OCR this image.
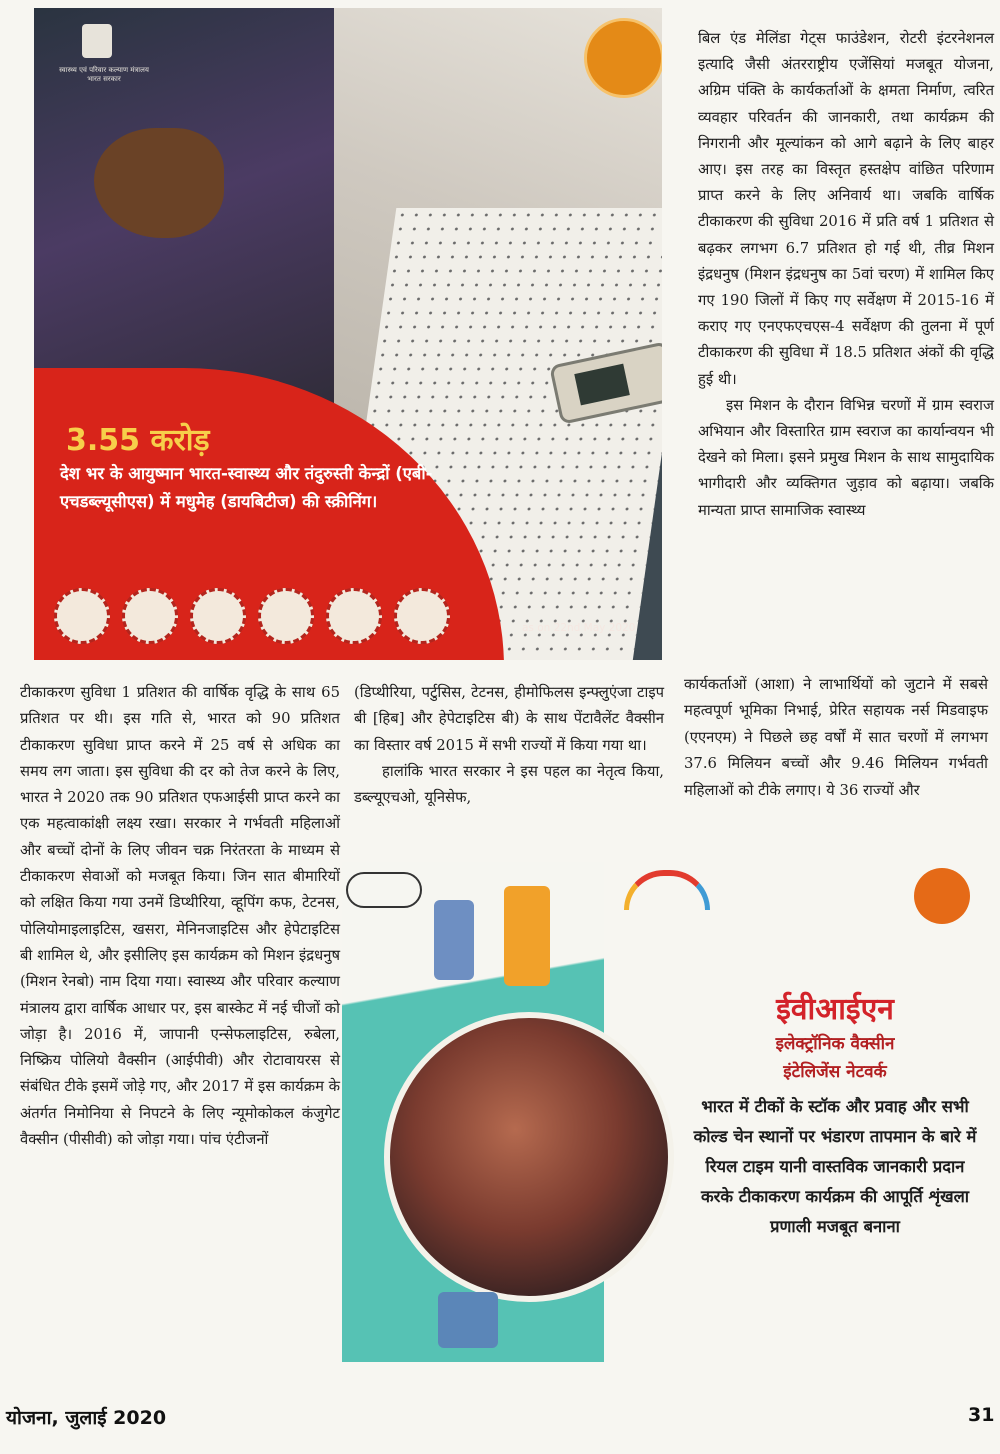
स्वास्थ्य एवं परिवार कल्याण मंत्रालय भारत सरकार
3.55 करोड़
देश भर के आयुष्मान भारत-स्वास्थ्य और तंदुरुस्ती केन्द्रों (एबी-एचडब्ल्यूसीएस) में मधुमेह (डायबिटीज) की स्क्रीनिंग।
as on 22nd May 2020

बिल एंड मेलिंडा गेट्स फाउंडेशन, रोटरी इंटरनेशनल इत्यादि जैसी अंतरराष्ट्रीय एजेंसियां मजबूत योजना, अग्रिम पंक्ति के कार्यकर्ताओं के क्षमता निर्माण, त्वरित व्यवहार परिवर्तन की जानकारी, तथा कार्यक्रम की निगरानी और मूल्यांकन को आगे बढ़ाने के लिए बाहर आए। इस तरह का विस्तृत हस्तक्षेप वांछित परिणाम प्राप्त करने के लिए अनिवार्य था। जबकि वार्षिक टीकाकरण की सुविधा 2016 में प्रति वर्ष 1 प्रतिशत से बढ़कर लगभग 6.7 प्रतिशत हो गई थी, तीव्र मिशन इंद्रधनुष (मिशन इंद्रधनुष का 5वां चरण) में शामिल किए गए 190 जिलों में किए गए सर्वेक्षण में 2015-16 में कराए गए एनएफएचएस-4 सर्वेक्षण की तुलना में पूर्ण टीकाकरण की सुविधा में 18.5 प्रतिशत अंकों की वृद्धि हुई थी।

इस मिशन के दौरान विभिन्न चरणों में ग्राम स्वराज अभियान और विस्तारित ग्राम स्वराज का कार्यान्वयन भी देखने को मिला। इसने प्रमुख मिशन के साथ सामुदायिक भागीदारी और व्यक्तिगत जुड़ाव को बढ़ाया। जबकि मान्यता प्राप्त सामाजिक स्वास्थ्य

टीकाकरण सुविधा 1 प्रतिशत की वार्षिक वृद्धि के साथ 65 प्रतिशत पर थी। इस गति से, भारत को 90 प्रतिशत टीकाकरण सुविधा प्राप्त करने में 25 वर्ष से अधिक का समय लग जाता। इस सुविधा की दर को तेज करने के लिए, भारत ने 2020 तक 90 प्रतिशत एफआईसी प्राप्त करने का एक महत्वाकांक्षी लक्ष्य रखा। सरकार ने गर्भवती महिलाओं और बच्चों दोनों के लिए जीवन चक्र निरंतरता के माध्यम से टीकाकरण सेवाओं को मजबूत किया। जिन सात बीमारियों को लक्षित किया गया उनमें डिप्थीरिया, व्हूपिंग कफ, टेटनस, पोलियोमाइलाइटिस, खसरा, मेनिनजाइटिस और हेपेटाइटिस बी शामिल थे, और इसीलिए इस कार्यक्रम को मिशन इंद्रधनुष (मिशन रेनबो) नाम दिया गया। स्वास्थ्य और परिवार कल्याण मंत्रालय द्वारा वार्षिक आधार पर, इस बास्केट में नई चीजों को जोड़ा है। 2016 में, जापानी एन्सेफलाइटिस, रुबेला, निष्क्रिय पोलियो वैक्सीन (आईपीवी) और रोटावायरस से संबंधित टीके इसमें जोड़े गए, और 2017 में इस कार्यक्रम के अंतर्गत निमोनिया से निपटने के लिए न्यूमोकोकल कंजुगेट वैक्सीन (पीसीवी) को जोड़ा गया। पांच एंटीजनों

(डिप्थीरिया, पर्टुसिस, टेटनस, हीमोफिलस इन्फ्लुएंजा टाइप बी [हिब] और हेपेटाइटिस बी) के साथ पेंटावैलेंट वैक्सीन का विस्तार वर्ष 2015 में सभी राज्यों में किया गया था।

हालांकि भारत सरकार ने इस पहल का नेतृत्व किया, डब्ल्यूएचओ, यूनिसेफ,

कार्यकर्ताओं (आशा) ने लाभार्थियों को जुटाने में सबसे महत्वपूर्ण भूमिका निभाई, प्रेरित सहायक नर्स मिडवाइफ (एएनएम) ने पिछले छह वर्षों में सात चरणों में लगभग 37.6 मिलियन बच्चों और 9.46 मिलियन गर्भवती महिलाओं को टीके लगाए। ये 36 राज्यों और

ईवीआईएन
इलेक्ट्रॉनिक वैक्सीन
इंटेलिजेंस नेटवर्क
भारत में टीकों के स्टॉक और प्रवाह और सभी कोल्ड चेन स्थानों पर भंडारण तापमान के बारे में रियल टाइम यानी वास्तविक जानकारी प्रदान करके टीकाकरण कार्यक्रम की आपूर्ति शृंखला प्रणाली मजबूत बनाना
योजना, जुलाई 2020	31
